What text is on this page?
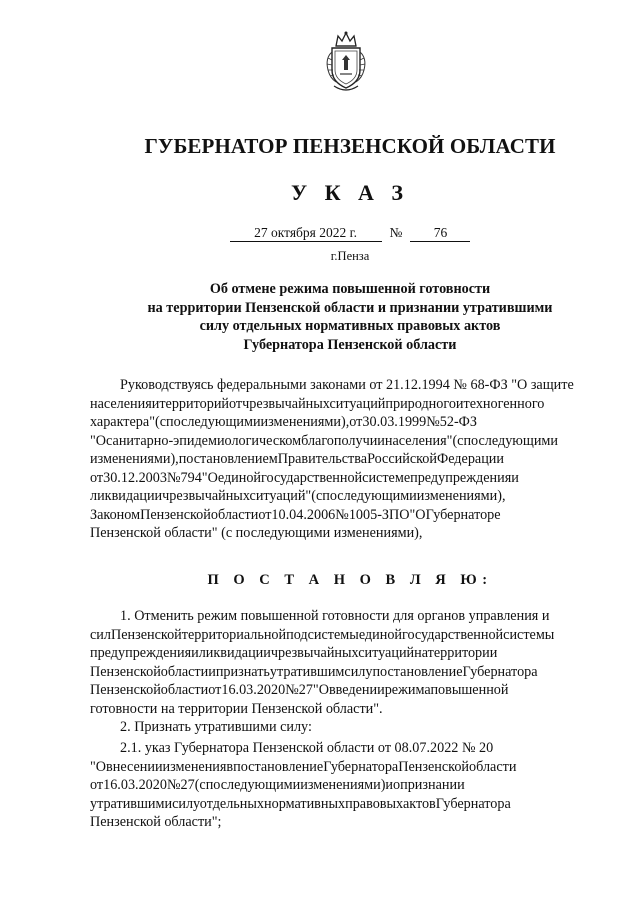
ГУБЕРНАТОР ПЕНЗЕНСКОЙ ОБЛАСТИ
У К А З
27 октября 2022 г. № 76
г.Пенза
Об отмене режима повышенной готовности
на территории Пензенской области и признании утратившими
силу отдельных нормативных правовых актов
Губернатора Пензенской области
Руководствуясь федеральными законами от 21.12.1994 № 68-ФЗ "О защите
населенияитерриторийотчрезвычайныхситуацийприродногоитехногенного
характера"(споследующимиизменениями),от30.03.1999№52-ФЗ
"Осанитарно-эпидемиологическомблагополучиинаселения"(споследующими
изменениями),постановлениемПравительстваРоссийскойФедерации
от30.12.2003№794"Оединойгосударственнойсистемепредупрежденияи
ликвидациичрезвычайныхситуаций"(споследующимиизменениями),
ЗакономПензенскойобластиот10.04.2006№1005-ЗПО"ОГубернаторе
Пензенской области" (с последующими изменениями),
П О С Т А Н О В Л Я Ю:
1. Отменить режим повышенной готовности для органов управления и
силПензенскойтерриториальнойподсистемыединойгосударственнойсистемы
предупрежденияиликвидациичрезвычайныхситуацийнатерритории
ПензенскойобластиипризнатьутратившимсилупостановлениеГубернатора
Пензенскойобластиот16.03.2020№27"Овведениирежимаповышенной
готовности на территории Пензенской области".
2. Признать утратившими силу:
2.1. указ Губернатора Пензенской области от 08.07.2022 № 20
"ОвнесенииизменениявпостановлениеГубернатораПензенскойобласти
от16.03.2020№27(споследующимиизменениями)иопризнании
утратившимисилуотдельныхнормативныхправовыхактовГубернатора
Пензенской области";
